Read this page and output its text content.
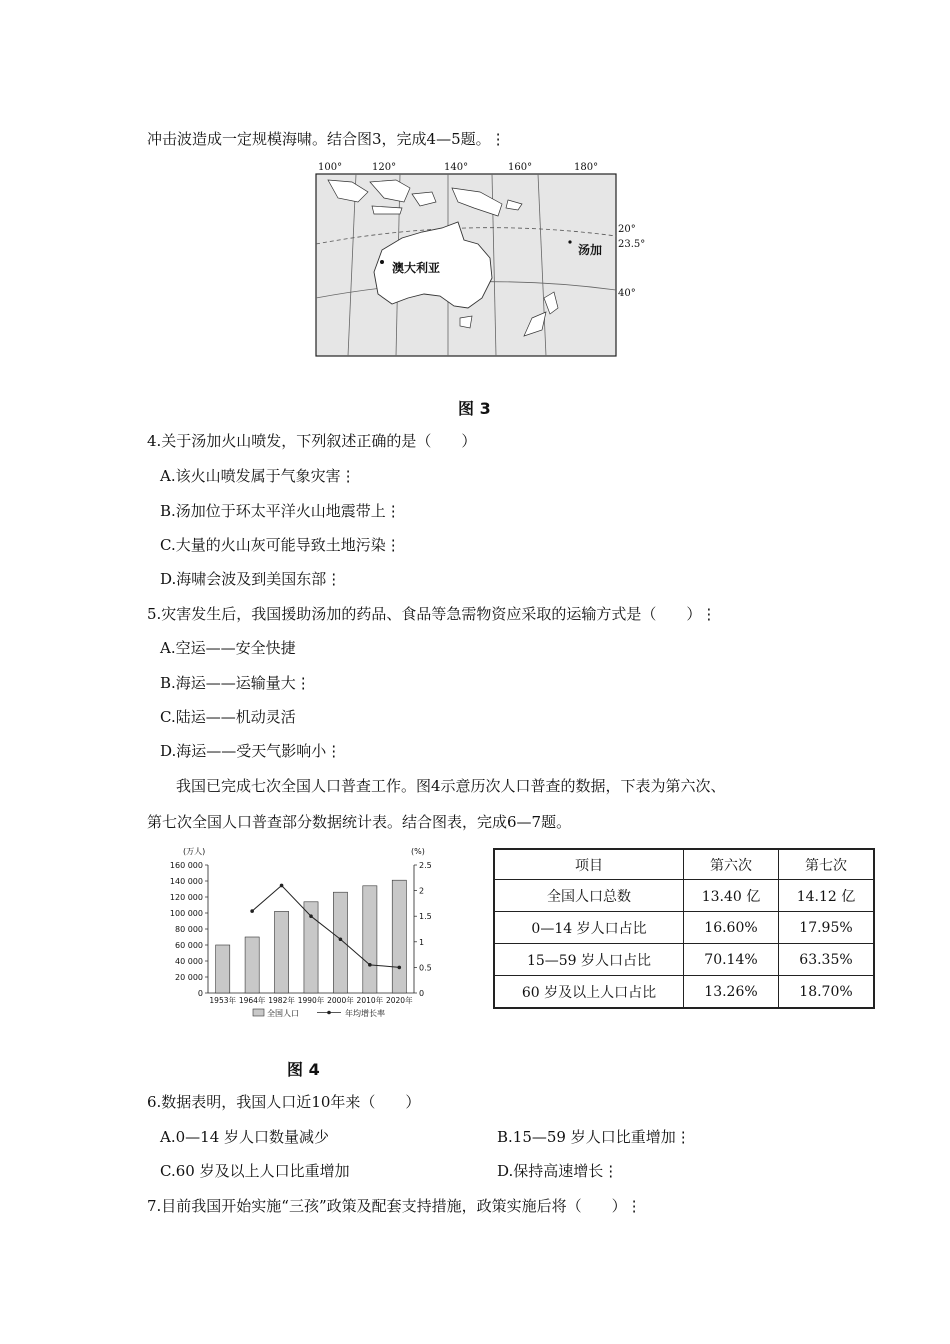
冲击波造成一定规模海啸。结合图3，完成4—5题。⋮
100°	120°	140°	160°	180°
20°
23.5°
40°
澳大利亚
汤加
图 3
4.关于汤加火山喷发，下列叙述正确的是（　　）
A.该火山喷发属于气象灾害⋮
B.汤加位于环太平洋火山地震带上⋮
C.大量的火山灰可能导致土地污染⋮
D.海啸会波及到美国东部⋮
5.灾害发生后，我国援助汤加的药品、食品等急需物资应采取的运输方式是（　　）⋮
A.空运——安全快捷
B.海运——运输量大⋮
C.陆运——机动灵活
D.海运——受天气影响小⋮
我国已完成七次全国人口普查工作。图4示意历次人口普查的数据，下表为第六次、
第七次全国人口普查部分数据统计表。结合图表，完成6—7题。
(万人)	(%)
0
20 000
40 000
60 000
80 000
100 000
120 000
140 000
160 000
0
0.5
1
1.5
2
2.5
1953年 1964年 1982年 1990年 2000年 2010年 2020年
全国人口	年均增长率
项目	第六次	第七次
全国人口总数	13.40 亿	14.12 亿
0—14 岁人口占比	16.60%	17.95%
15—59 岁人口占比	70.14%	63.35%
60 岁及以上人口占比	13.26%	18.70%
图 4
6.数据表明，我国人口近10年来（　　）
A.0—14 岁人口数量减少	B.15—59 岁人口比重增加⋮
C.60 岁及以上人口比重增加	D.保持高速增长⋮
7.目前我国开始实施“三孩”政策及配套支持措施，政策实施后将（　　）⋮
